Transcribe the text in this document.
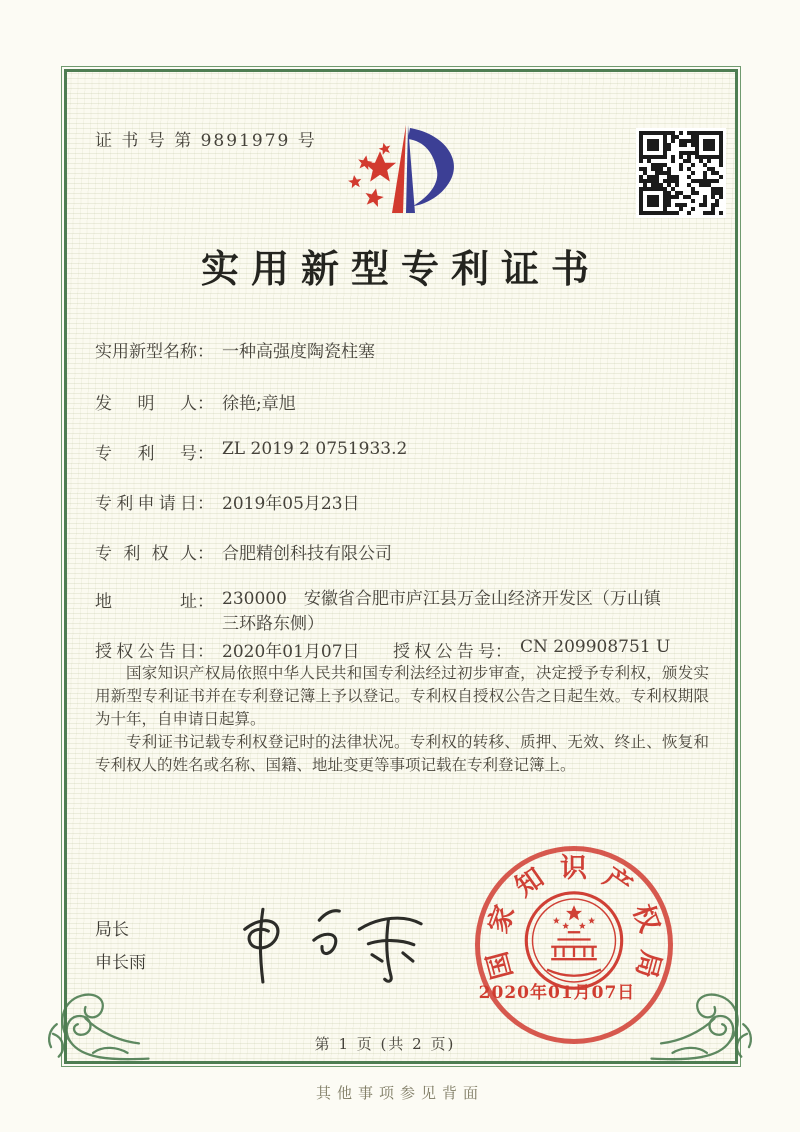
证 书 号 第 9891979 号
实用新型专利证书
实用新型名称： 一种高强度陶瓷柱塞
发明人： 徐艳;章旭
专利号： ZL 2019 2 0751933.2
专利申请日： 2019年05月23日
专利权人： 合肥精创科技有限公司
地址： 230000　安徽省合肥市庐江县万金山经济开发区（万山镇
三环路东侧）
授权公告日： 2020年01月07日 授权公告号： CN 209908751 U

国家知识产权局依照中华人民共和国专利法经过初步审查，决定授予专利权，颁发实用新型专利证书并在专利登记簿上予以登记。专利权自授权公告之日起生效。专利权期限为十年，自申请日起算。

专利证书记载专利权登记时的法律状况。专利权的转移、质押、无效、终止、恢复和专利权人的姓名或名称、国籍、地址变更等事项记载在专利登记簿上。

局长
申长雨	国
家
知 识 产
权
局
2020年01月07日
第 1 页 (共 2 页)
其他事项参见背面
